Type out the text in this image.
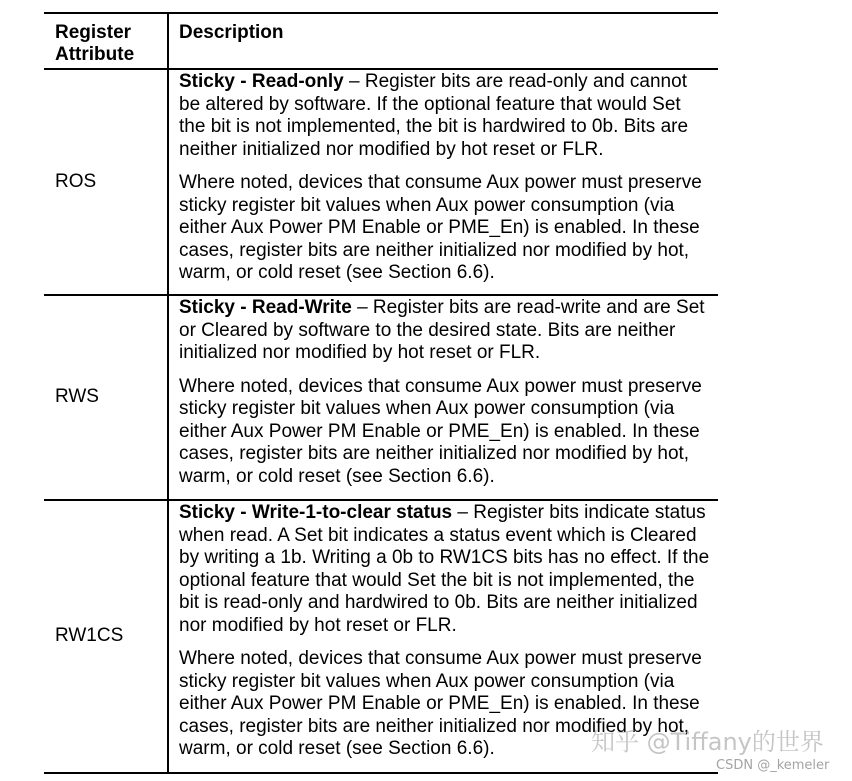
Register
Attribute	Description
ROS	Sticky - Read-only – Register bits are read-only and cannot be altered by software. If the optional feature that would Set the bit is not implemented, the bit is hardwired to 0b. Bits are neither initialized nor modified by hot reset or FLR.

Where noted, devices that consume Aux power must preserve sticky register bit values when Aux power consumption (via either Aux Power PM Enable or PME_En) is enabled. In these cases, register bits are neither initialized nor modified by hot, warm, or cold reset (see Section 6.6).

RWS	Sticky - Read-Write – Register bits are read-write and are Set or Cleared by software to the desired state. Bits are neither initialized nor modified by hot reset or FLR.

Where noted, devices that consume Aux power must preserve sticky register bit values when Aux power consumption (via either Aux Power PM Enable or PME_En) is enabled. In these cases, register bits are neither initialized nor modified by hot, warm, or cold reset (see Section 6.6).

RW1CS	Sticky - Write-1-to-clear status – Register bits indicate status when read. A Set bit indicates a status event which is Cleared by writing a 1b. Writing a 0b to RW1CS bits has no effect. If the optional feature that would Set the bit is not implemented, the bit is read-only and hardwired to 0b. Bits are neither initialized nor modified by hot reset or FLR.

Where noted, devices that consume Aux power must preserve sticky register bit values when Aux power consumption (via either Aux Power PM Enable or PME_En) is enabled. In these cases, register bits are neither initialized nor modified by hot, warm, or cold reset (see Section 6.6).	知乎 @Tiffany的世界
CSDN @_kemeler
